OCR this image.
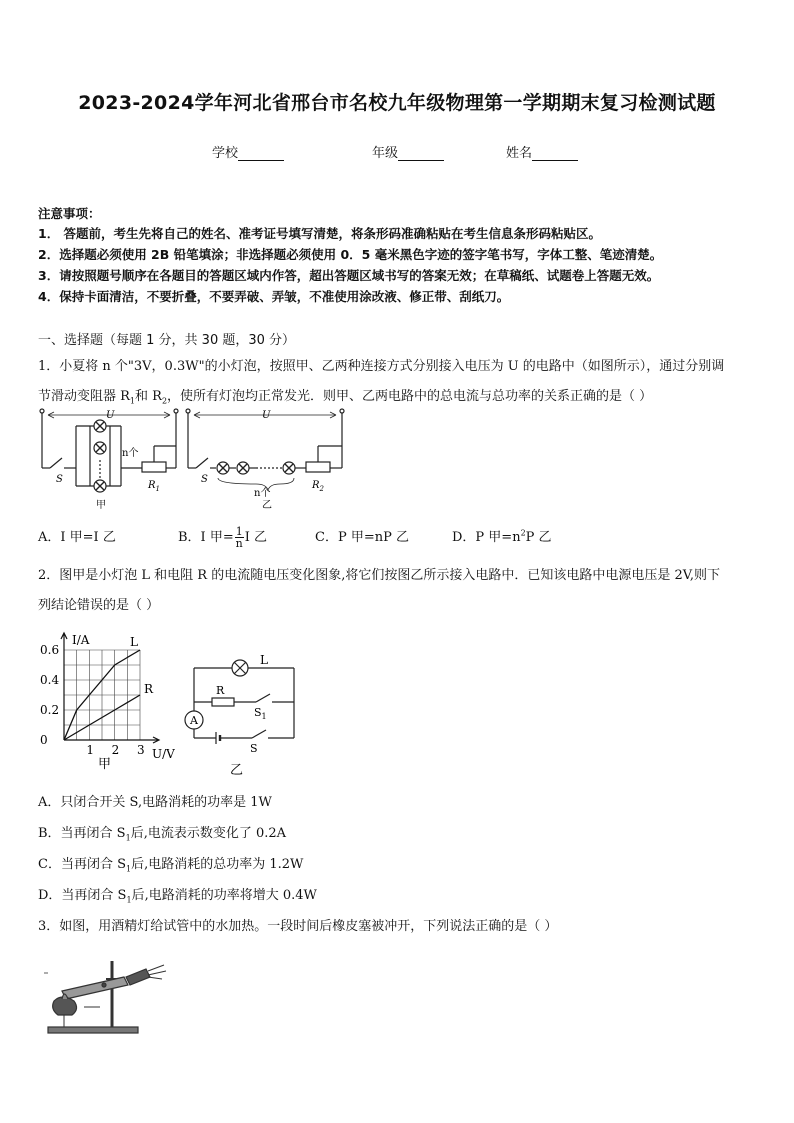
2023-2024学年河北省邢台市名校九年级物理第一学期期末复习检测试题
学校	年级	姓名
注意事项：
1． 答题前，考生先将自己的姓名、准考证号填写清楚，将条形码准确粘贴在考生信息条形码粘贴区。
2．选择题必须使用 2B 铅笔填涂；非选择题必须使用 0．5 毫米黑色字迹的签字笔书写，字体工整、笔迹清楚。
3．请按照题号顺序在各题目的答题区域内作答，超出答题区域书写的答案无效；在草稿纸、试题卷上答题无效。
4．保持卡面清洁，不要折叠，不要弄破、弄皱，不准使用涂改液、修正带、刮纸刀。
一、选择题（每题 1 分，共 30 题，30 分）
1．小夏将 n 个"3V，0.3W"的小灯泡，按照甲、乙两种连接方式分别接入电压为 U 的电路中（如图所示），通过分别调
节滑动变阻器 $R_1$和 $R_2$，使所有灯泡均正常发光．则甲、乙两电路中的总电流与总功率的关系正确的是（ ）
U	U
n个
S	S
$R_1$	$R_2$
n个
甲	乙
A．I 甲=I 乙	B．I 甲= $\frac{1}{n}$ I 乙	C．P 甲=nP 乙	D．P 甲$=n^2P$ 乙
2．图甲是小灯泡 L 和电阻 R 的电流随电压变化图象,将它们按图乙所示接入电路中．已知该电路中电源电压是 2V,则下
列结论错误的是（ ）
0.6
0.4
0.2
0
1 2 3
I/A
U/V
L
R
甲
L
R
$S_1$
A
S
乙
A．只闭合开关 S,电路消耗的功率是 1W
B．当再闭合 $S_1$后,电流表示数变化了 0.2A
C．当再闭合 $S_1$后,电路消耗的总功率为 1.2W
D．当再闭合 $S_1$后,电路消耗的功率将增大 0.4W
3．如图，用酒精灯给试管中的水加热。一段时间后橡皮塞被冲开，下列说法正确的是（ ）
